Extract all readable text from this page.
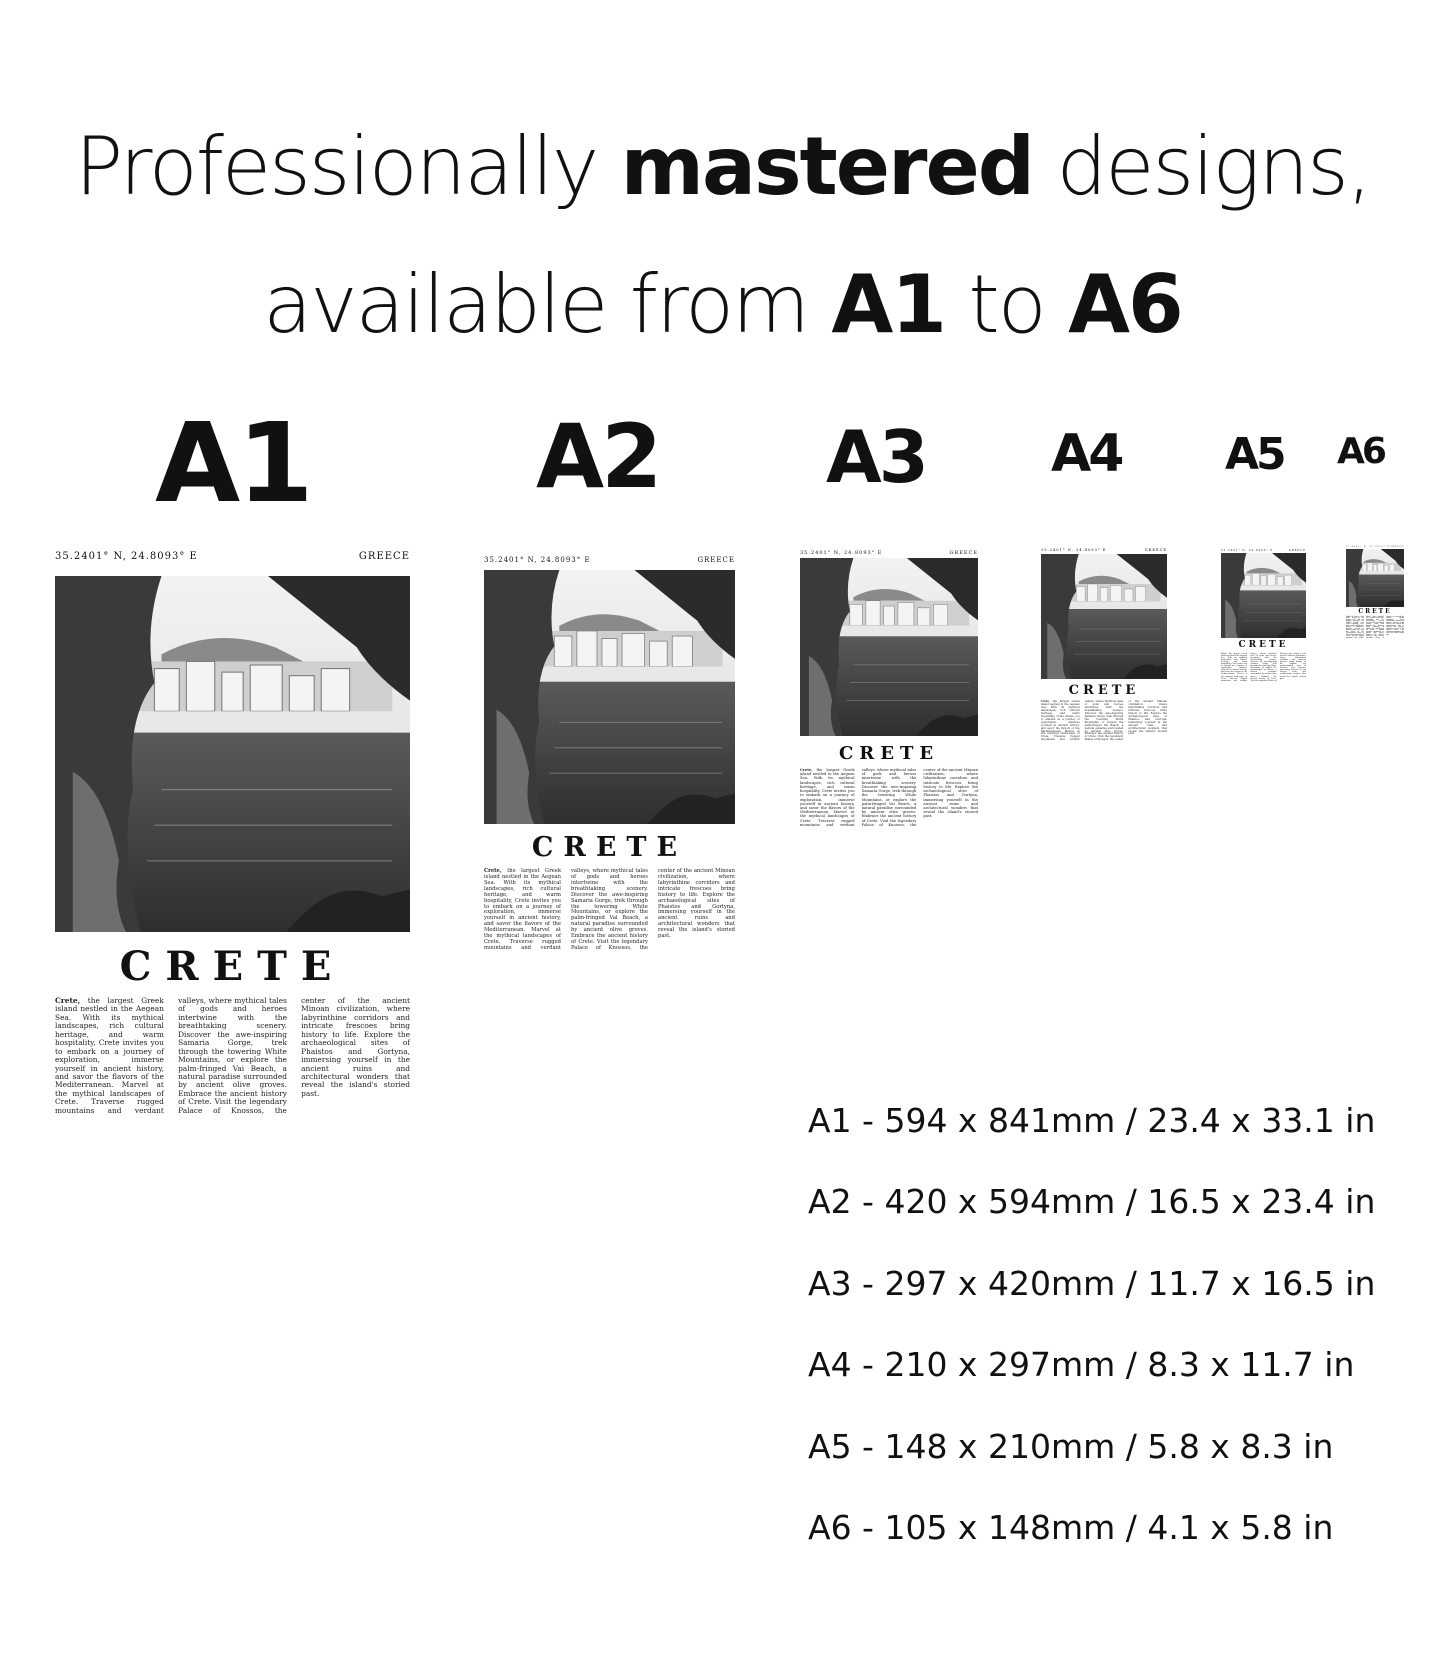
Professionally mastered designs,
available from A1 to A6
A1	A2 A3 A4 A5 A6
35.2401° N, 24.8093° E	GREECE
CRETE
Crete, the largest Greek island nestled in the Aegean Sea. With its mythical landscapes, rich cultural heritage, and warm hospitality, Crete invites you to embark on a journey of exploration, immerse yourself in ancient history, and savor the flavors of the Mediterranean. Marvel at the mythical landscapes of Crete. Traverse rugged mountains and verdant valleys, where mythical tales of gods and heroes intertwine with the breathtaking scenery. Discover the awe-inspiring Samaria Gorge, trek through the towering White Mountains, or explore the palm-fringed Vai Beach, a natural paradise surrounded by ancient olive groves. Embrace the ancient history of Crete. Visit the legendary Palace of Knossos, the center of the ancient Minoan civilization, where labyrinthine corridors and intricate frescoes bring history to life. Explore the archaeological sites of Phaistos and Gortyna, immersing yourself in the ancient ruins and architectural wonders that reveal the island's storied past.
35.2401° N, 24.8093° E	GREECE
CRETE
Crete, the largest Greek island nestled in the Aegean Sea. With its mythical landscapes, rich cultural heritage, and warm hospitality, Crete invites you to embark on a journey of exploration, immerse yourself in ancient history, and savor the flavors of the Mediterranean. Marvel at the mythical landscapes of Crete. Traverse rugged mountains and verdant valleys, where mythical tales of gods and heroes intertwine with the breathtaking scenery. Discover the awe-inspiring Samaria Gorge, trek through the towering White Mountains, or explore the palm-fringed Vai Beach, a natural paradise surrounded by ancient olive groves. Embrace the ancient history of Crete. Visit the legendary Palace of Knossos, the center of the ancient Minoan civilization, where labyrinthine corridors and intricate frescoes bring history to life. Explore the archaeological sites of Phaistos and Gortyna, immersing yourself in the ancient ruins and architectural wonders that reveal the island's storied past.
35.2401° N, 24.8093° E	GREECE
CRETE
Crete, the largest Greek island nestled in the Aegean Sea. With its mythical landscapes, rich cultural heritage, and warm hospitality, Crete invites you to embark on a journey of exploration, immerse yourself in ancient history, and savor the flavors of the Mediterranean. Marvel at the mythical landscapes of Crete. Traverse rugged mountains and verdant valleys, where mythical tales of gods and heroes intertwine with the breathtaking scenery. Discover the awe-inspiring Samaria Gorge, trek through the towering White Mountains, or explore the palm-fringed Vai Beach, a natural paradise surrounded by ancient olive groves. Embrace the ancient history of Crete. Visit the legendary Palace of Knossos, the center of the ancient Minoan civilization, where labyrinthine corridors and intricate frescoes bring history to life. Explore the archaeological sites of Phaistos and Gortyna, immersing yourself in the ancient ruins and architectural wonders that reveal the island's storied past.
35.2401° N, 24.8093° E	GREECE
CRETE
Crete, the largest Greek island nestled in the Aegean Sea. With its mythical landscapes, rich cultural heritage, and warm hospitality, Crete invites you to embark on a journey of exploration, immerse yourself in ancient history, and savor the flavors of the Mediterranean. Marvel at the mythical landscapes of Crete. Traverse rugged mountains and verdant valleys, where mythical tales of gods and heroes intertwine with the breathtaking scenery. Discover the awe-inspiring Samaria Gorge, trek through the towering White Mountains, or explore the palm-fringed Vai Beach, a natural paradise surrounded by ancient olive groves. Embrace the ancient history of Crete. Visit the legendary Palace of Knossos, the center of the ancient Minoan civilization, where labyrinthine corridors and intricate frescoes bring history to life. Explore the archaeological sites of Phaistos and Gortyna, immersing yourself in the ancient ruins and architectural wonders that reveal the island's storied past.
35.2401° N, 24.8093° E	GREECE
CRETE
Crete, the largest Greek island nestled in the Aegean Sea. With its mythical landscapes, rich cultural heritage, and warm hospitality, Crete invites you to embark on a journey of exploration, immerse yourself in ancient history, and savor the flavors of the Mediterranean. Marvel at the mythical landscapes of Crete. Traverse rugged mountains and verdant valleys, where mythical tales of gods and heroes intertwine with the breathtaking scenery. Discover the awe-inspiring Samaria Gorge, trek through the towering White Mountains, or explore the palm-fringed Vai Beach, a natural paradise surrounded by ancient olive groves. Embrace the ancient history of Crete. Visit the legendary Palace of Knossos, the center of the ancient Minoan civilization, where labyrinthine corridors and intricate frescoes bring history to life. Explore the archaeological sites of Phaistos and Gortyna, immersing yourself in the ancient ruins and architectural wonders that reveal the island's storied past.
35.2401° N, 24.8093° E GREECE
CRETE
Crete, the largest Greek island nestled in the Aegean Sea. With its mythical landscapes, rich cultural heritage, and warm hospitality, Crete invites you to embark on a journey of exploration, immerse yourself in ancient history, and savor the flavors of the Mediterranean. Marvel at the mythical landscapes of Crete. Traverse rugged mountains and verdant valleys, where mythical tales of gods and heroes intertwine with the breathtaking scenery. Discover the awe-inspiring Samaria Gorge, trek through the towering White Mountains, or explore the palm-fringed Vai Beach, a natural paradise surrounded by ancient olive groves. Embrace the ancient history of Crete. Visit the legendary Palace of Knossos, the center of the ancient Minoan civilization, where labyrinthine corridors and intricate frescoes bring history to life. Explore the archaeological sites of Phaistos and Gortyna, immersing yourself in the ancient ruins and architectural wonders that reveal the island's storied past.
A1 - 594 x 841mm / 23.4 x 33.1 in
A2 - 420 x 594mm / 16.5 x 23.4 in
A3 - 297 x 420mm / 11.7 x 16.5 in
A4 - 210 x 297mm / 8.3 x 11.7 in
A5 - 148 x 210mm / 5.8 x 8.3 in
A6 - 105 x 148mm / 4.1 x 5.8 in
